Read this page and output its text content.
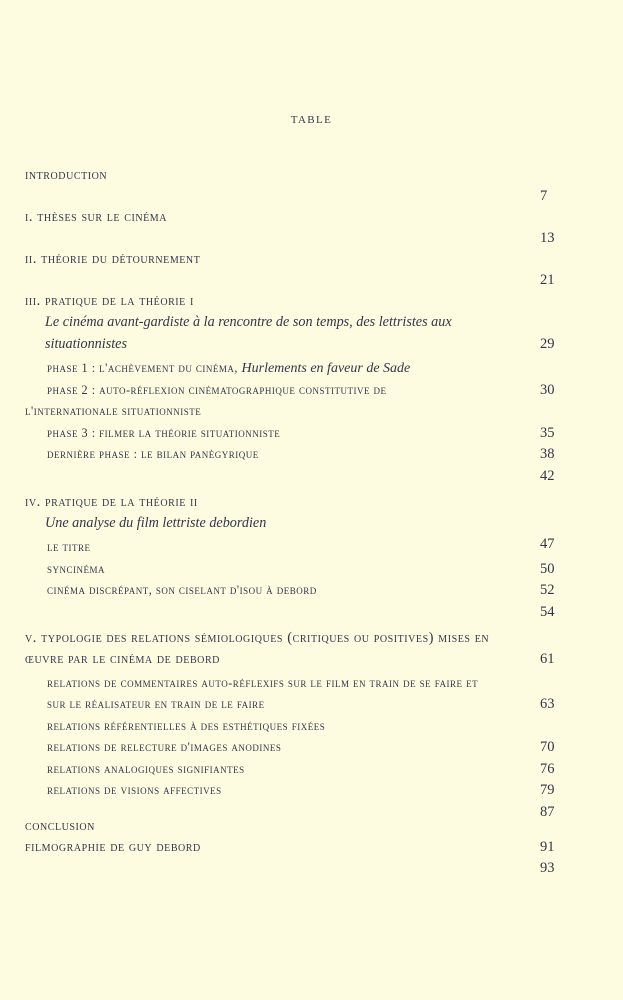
table
introduction
7
i. thèses sur le cinéma
13
ii. théorie du détournement
21
iii. pratique de la théorie i
Le cinéma avant-gardiste à la rencontre de son temps, des lettristes aux situationnistes	29
phase 1 : l'achèvement du cinéma, Hurlements en faveur de Sade
30
phase 2 : auto-réflexion cinématographique constitutive de
l'internationale situationniste
35
phase 3 : filmer la théorie situationniste
38
dernière phase : le bilan panégyrique
42
iv. pratique de la théorie ii
Une analyse du film lettriste debordien
47
le titre
50
syncinéma
52
cinéma discrépant, son ciselant d'isou à debord
54
v. typologie des relations sémiologiques (critiques ou positives) mises en œuvre par le cinéma de debord	61
relations de commentaires auto-réflexifs sur le film en train de se faire et sur le réalisateur en train de le faire	63
relations référentielles à des esthétiques fixées
70
relations de relecture d'images anodines
76
relations analogiques signifiantes
79
relations de visions affectives
87
conclusion
91
filmographie de guy debord
93
